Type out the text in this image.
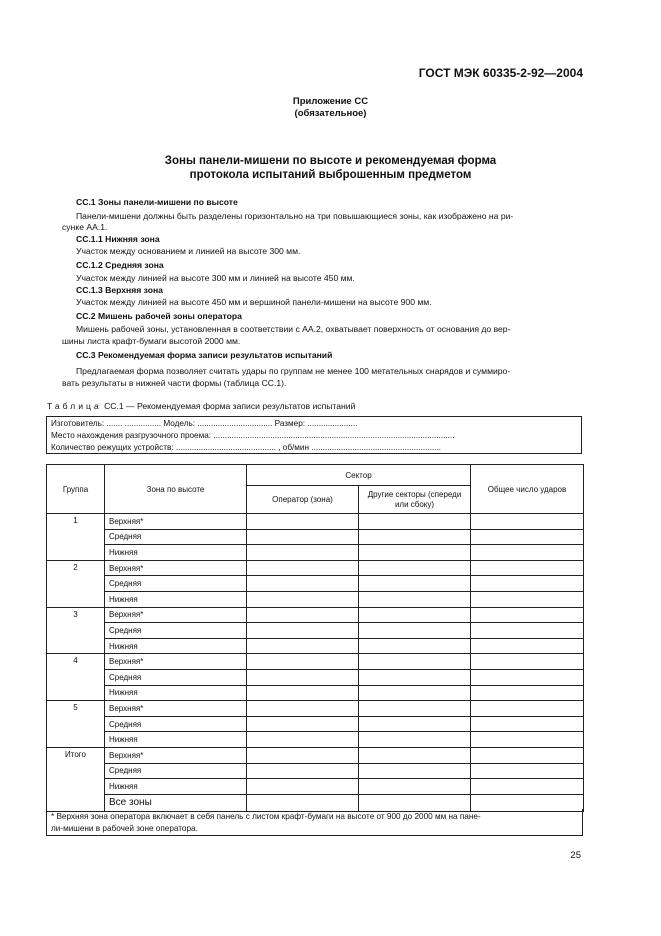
ГОСТ МЭК 60335-2-92—2004
Приложение СС
(обязательное)
Зоны панели-мишени по высоте и рекомендуемая форма
протокола испытаний выброшенным предметом
СС.1 Зоны панели-мишени по высоте
Панели-мишени должны быть разделены горизонтально на три повышающиеся зоны, как изображено на ри-
сунке АА.1.
СС.1.1 Нижняя зона
Участок между основанием и линией на высоте 300 мм.
СС.1.2 Средняя зона
Участок между линией на высоте 300 мм и линией на высоте 450 мм.
СС.1.3 Верхняя зона
Участок между линией на высоте 450 мм и вершиной панели-мишени на высоте 900 мм.
СС.2 Мишень рабочей зоны оператора
Мишень рабочей зоны, установленная в соответствии с АА.2, охватывает поверхность от основания до вер-
шины листа крафт-бумаги высотой 2000 мм.
СС.3 Рекомендуемая форма записи результатов испытаний
Предлагаемая форма позволяет считать удары по группам не менее 100 метательных снарядов и суммиро-
вать результаты в нижней части формы (таблица СС.1).
Таблица СС.1 — Рекомендуемая форма записи результатов испытаний
Изготовитель: ....... ................ Модель: ................................. Размер: ......................
Место нахождения разгрузочного проема: ..........................................................................................................
Количество режущих устройств: ............................................ , об/мин .........................................................
Группа	Зона по высоте	Сектор		Общее число ударов
		Оператор (зона)	Другие секторы (спереди или сбоку)	
1	Верхняя*			
	Средняя			
	Нижняя			
2	Верхняя*			
	Средняя			
	Нижняя			
3	Верхняя*			
	Средняя			
	Нижняя			
4	Верхняя*			
	Средняя			
	Нижняя			
5	Верхняя*			
	Средняя			
	Нижняя			
Итого	Верхняя*			
	Средняя			
	Нижняя			
	Все зоны			
* Верхняя зона оператора включает в себя панель с листом крафт-бумаги на высоте от 900 до 2000 мм на пане-
ли-мишени в рабочей зоне оператора.
25
